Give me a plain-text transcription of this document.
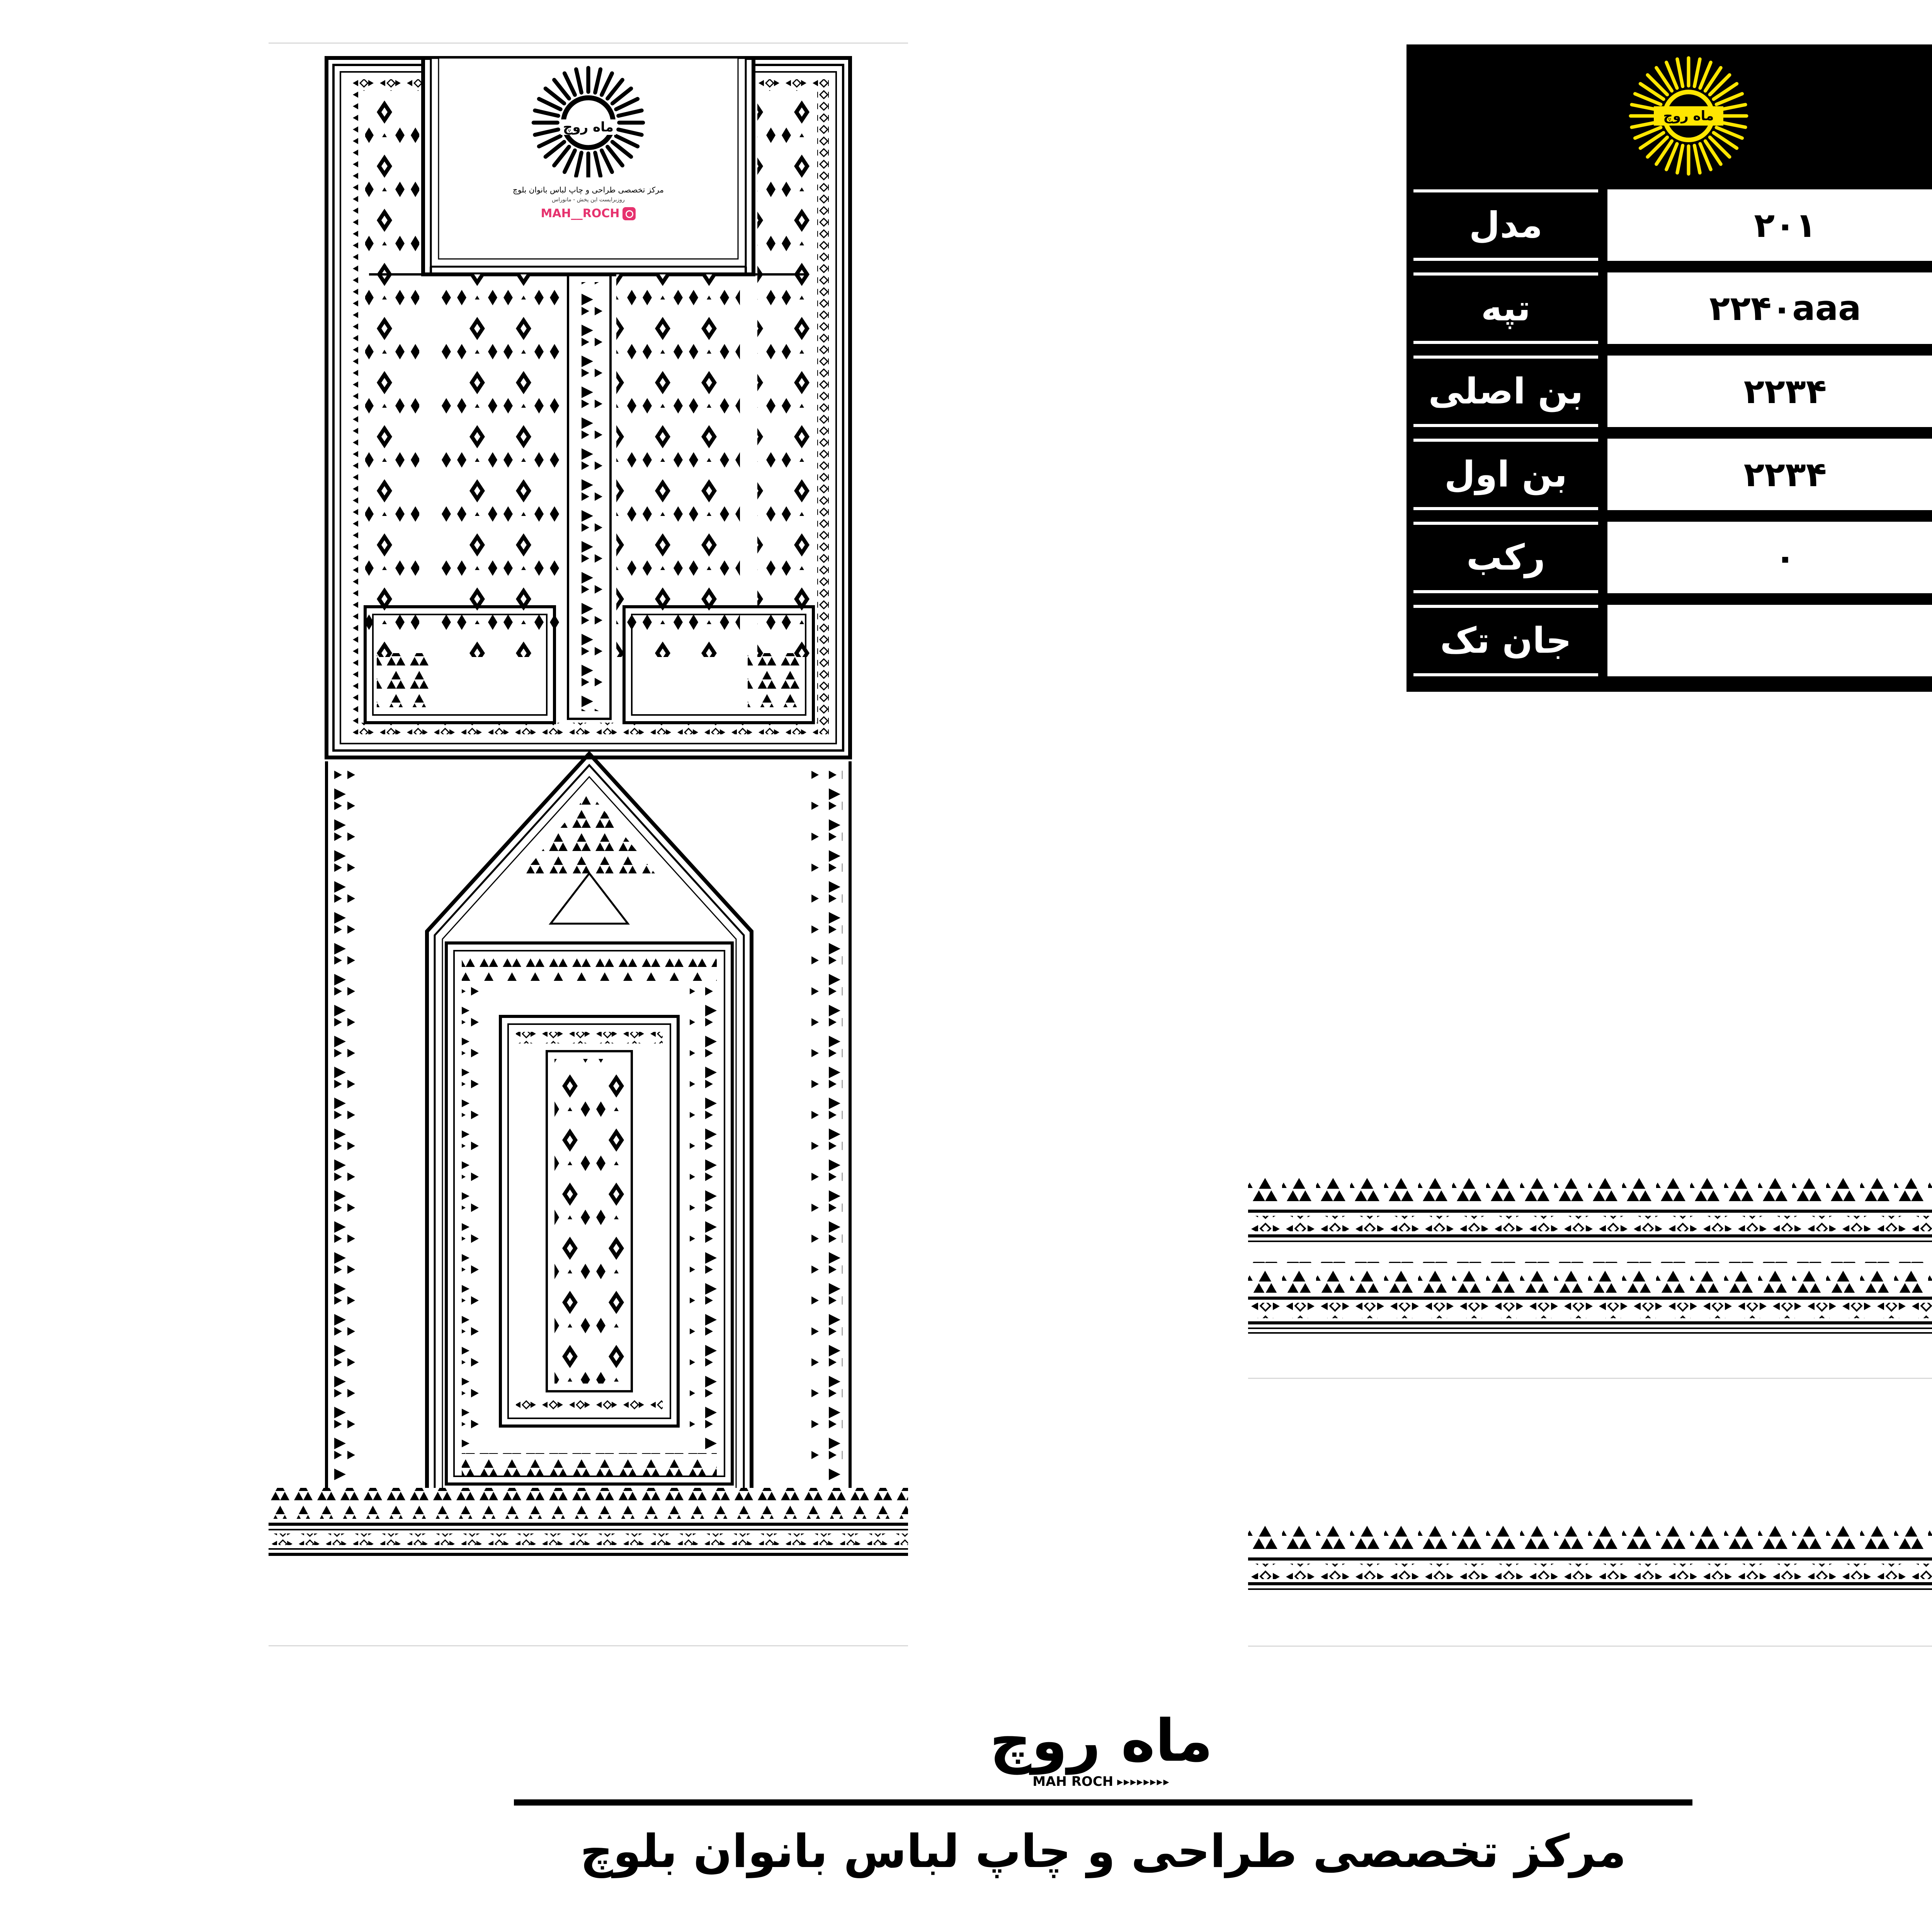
ماه روچ
مرکز تخصصی طراحی و چاپ لباس بانوان بلوچ
روزبرایست این پخش - مانوراس
MAH__ROCH
ماه روچ
مدل	۲۰۱
تپه	۲۲۴۰aaa
بن اصلی	۲۲۳۴
بن اول	۲۲۳۴
رکب	۰
جان تک
ماه روچ
MAH ROCH ▸▸▸▸▸▸▸▸
مرکز تخصصی طراحی و چاپ لباس بانوان بلوچ
